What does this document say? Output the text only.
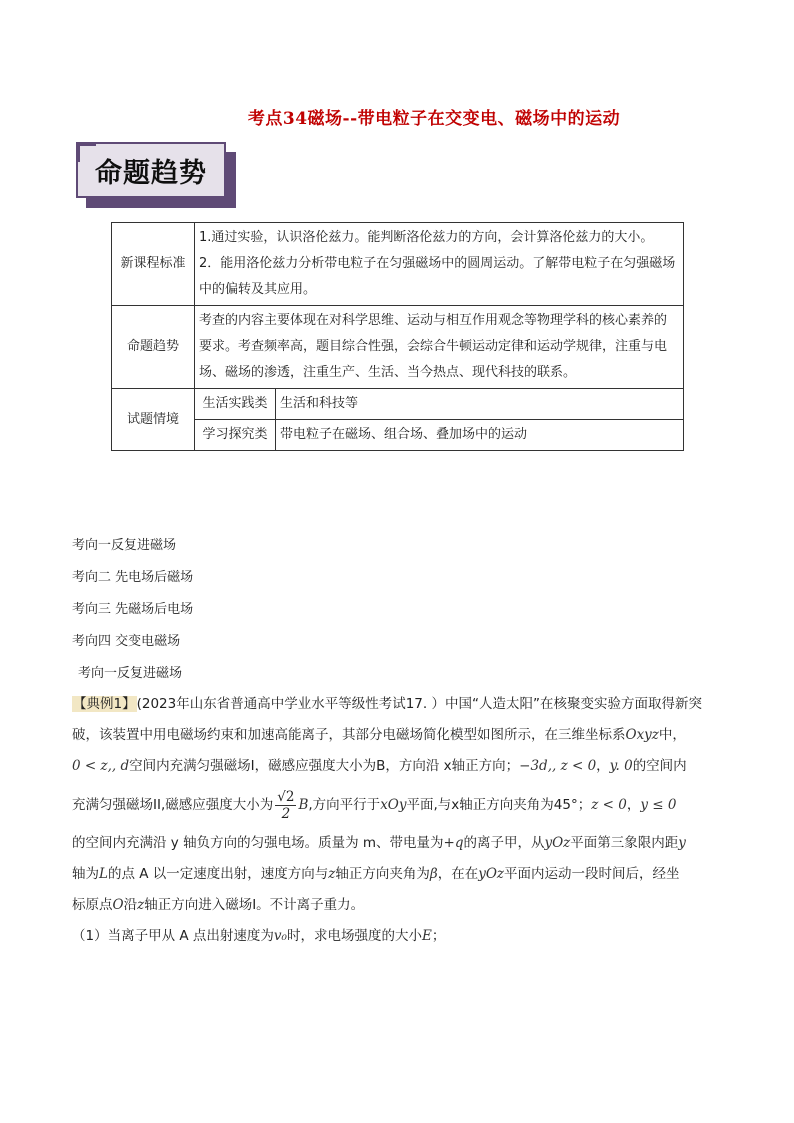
考点34磁场--带电粒子在交变电、磁场中的运动
命题趋势
新课程标准	1.通过实验，认识洛伦兹力。能判断洛伦兹力的方向，会计算洛伦兹力的大小。
2．能用洛伦兹力分析带电粒子在匀强磁场中的圆周运动。了解带电粒子在匀强磁场中的偏转及其应用。	

命题趋势	考查的内容主要体现在对科学思维、运动与相互作用观念等物理学科的核心素养的要求。考查频率高，题目综合性强，会综合牛顿运动定律和运动学规律，注重与电场、磁场的渗透，注重生产、生活、当今热点、现代科技的联系。	
试题情境	生活实践类	生活和科技等
	学习探究类	带电粒子在磁场、组合场、叠加场中的运动
考向一反复进磁场
考向二 先电场后磁场
考向三 先磁场后电场
考向四 交变电磁场
考向一反复进磁场
【典例1】(2023年山东省普通高中学业水平等级性考试17. ）中国“人造太阳”在核聚变实验方面取得新突
破，该装置中用电磁场约束和加速高能离子，其部分电磁场简化模型如图所示，在三维坐标系Oxyz中，
0 < z,, d空间内充满匀强磁场I，磁感应强度大小为B，方向沿 x轴正方向；−3d,, z < 0，y. 0的空间内
充满匀强磁场II,磁感应强度大小为 $\frac{√2}{2} B$,方向平行于xOy平面,与x轴正方向夹角为45°；z < 0，y ≤ 0
的空间内充满沿 y 轴负方向的匀强电场。质量为 m、带电量为+q的离子甲，从yOz平面第三象限内距y
轴为L的点 A 以一定速度出射，速度方向与z轴正方向夹角为β，在在yOz平面内运动一段时间后，经坐
标原点O沿z轴正方向进入磁场I。不计离子重力。
（1）当离子甲从 A 点出射速度为v₀时，求电场强度的大小E；
